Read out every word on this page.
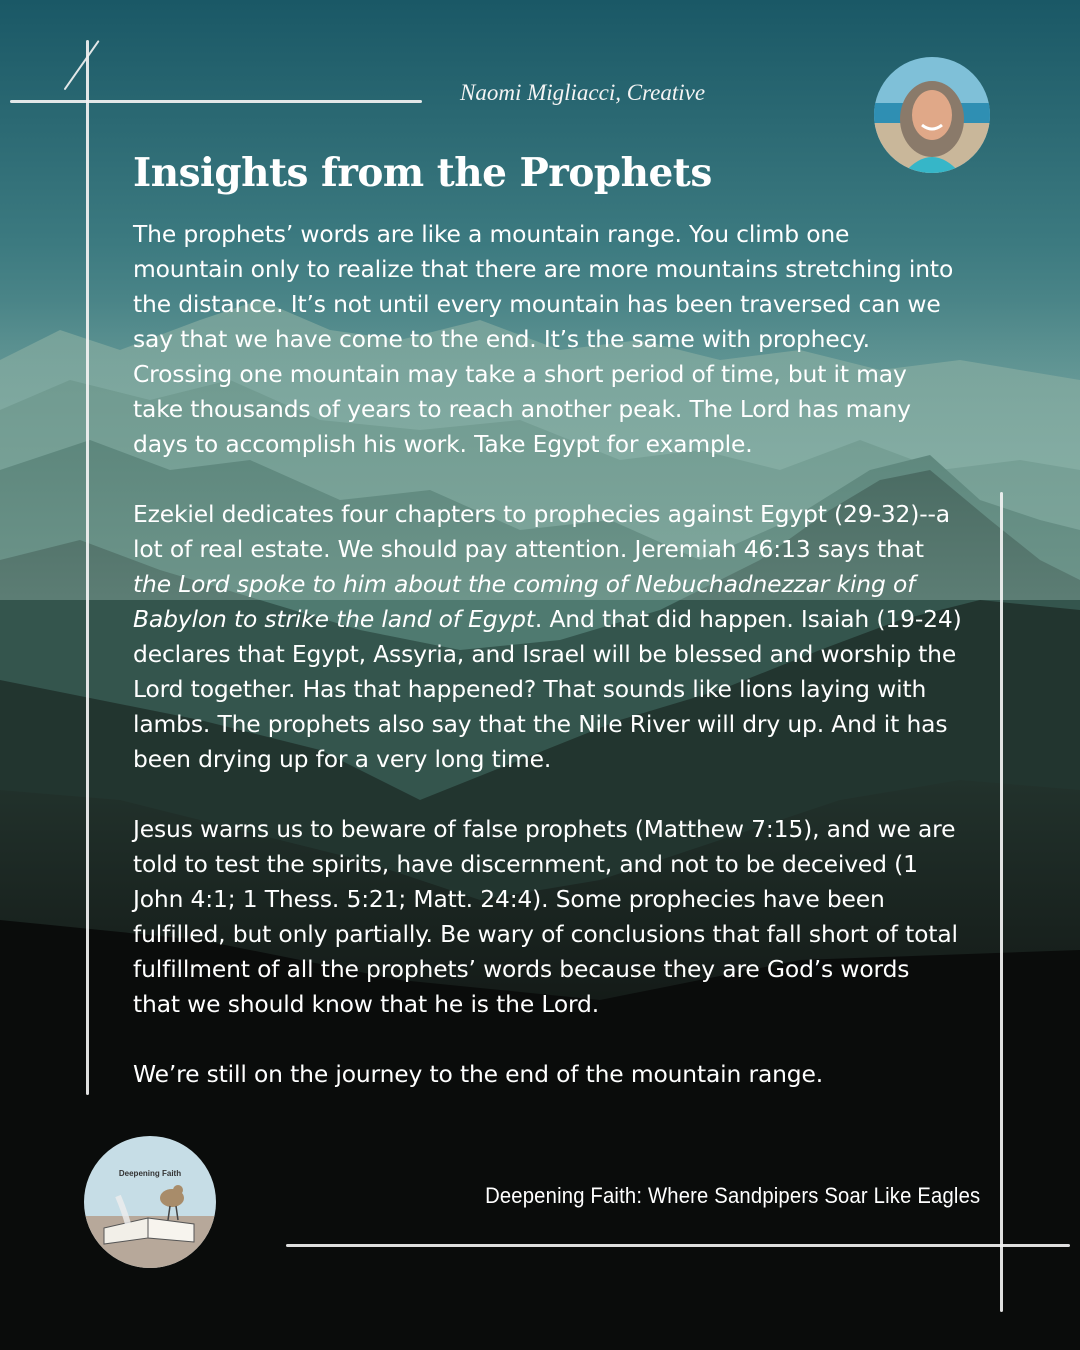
Naomi Migliacci, Creative
Insights from the Prophets

The prophets’ words are like a mountain range. You climb one mountain only to realize that there are more mountains stretching into the distance. It’s not until every mountain has been traversed can we say that we have come to the end. It’s the same with prophecy. Crossing one mountain may take a short period of time, but it may take thousands of years to reach another peak. The Lord has many days to accomplish his work. Take Egypt for example.

Ezekiel dedicates four chapters to prophecies against Egypt (29-32)--a lot of real estate. We should pay attention. Jeremiah 46:13 says that the Lord spoke to him about the coming of Nebuchadnezzar king of Babylon to strike the land of Egypt. And that did happen. Isaiah (19-24) declares that Egypt, Assyria, and Israel will be blessed and worship the Lord together. Has that happened? That sounds like lions laying with lambs. The prophets also say that the Nile River will dry up. And it has been drying up for a very long time.

Jesus warns us to beware of false prophets (Matthew 7:15), and we are told to test the spirits, have discernment, and not to be deceived (1 John 4:1; 1 Thess. 5:21; Matt. 24:4). Some prophecies have been fulfilled, but only partially. Be wary of conclusions that fall short of total fulfillment of all the prophets’ words because they are God’s words that we should know that he is the Lord.

We’re still on the journey to the end of the mountain range.

Deepening Faith
Deepening Faith: Where Sandpipers Soar Like Eagles
